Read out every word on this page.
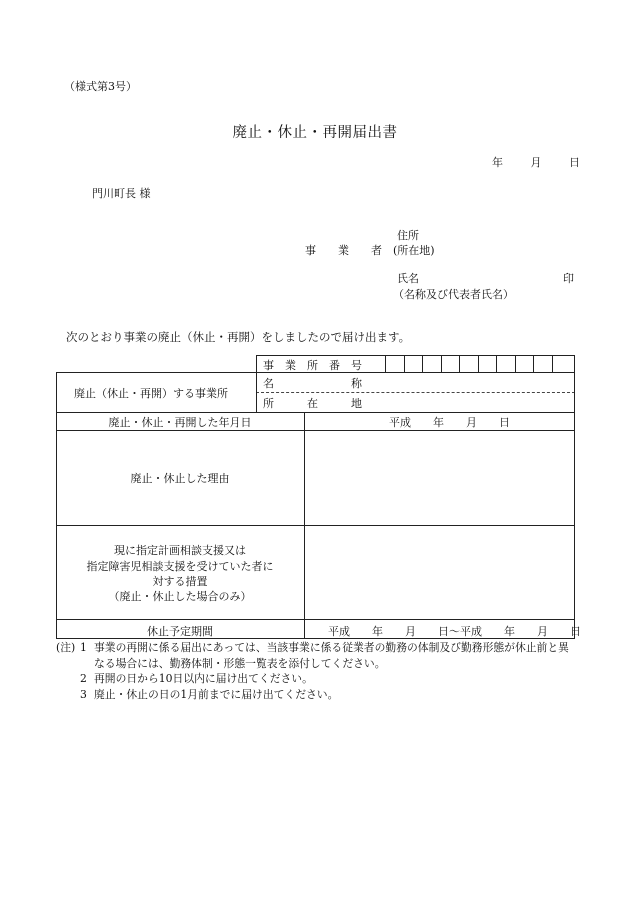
（様式第3号）
廃止・休止・再開届出書
年	月	日
門川町長 様
住所
事　　業　　者 (所在地)
氏名	印
（名称及び代表者氏名）
次のとおり事業の廃止（休止・再開）をしましたので届け出ます。
事　業　所　番　号
廃止（休止・再開）する事業所
名　　　　　　　称
所　　　在　　　地
廃止・休止・再開した年月日	平成　　年　　月　　日
廃止・休止した理由
現に指定計画相談支援又は
指定障害児相談支援を受けていた者に
対する措置
（廃止・休止した場合のみ）
休止予定期間	平成　　年　　月　　日～平成　　年　　月　　日
(注) 1 事業の再開に係る届出にあっては、当該事業に係る従業者の勤務の体制及び勤務形態が休止前と異なる場合には、勤務体制・形態一覧表を添付してください。
2 再開の日から10日以内に届け出てください。
3 廃止・休止の日の1月前までに届け出てください。
